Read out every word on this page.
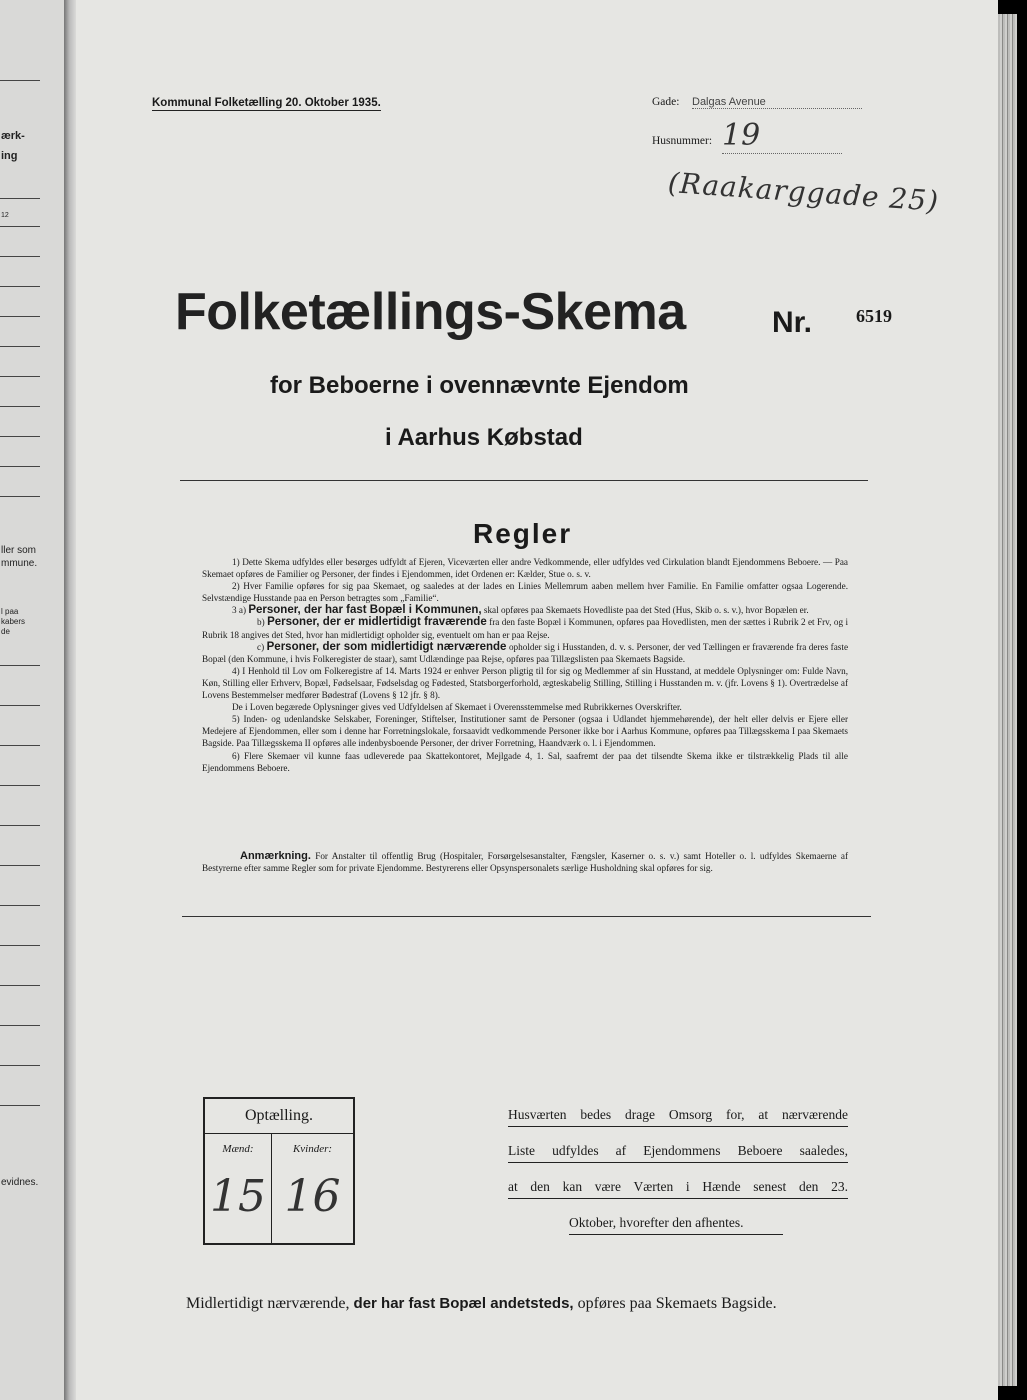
ærk-
ing
12
ller som
mmune.
l paa
kabers
de
evidnes.
Kommunal Folketælling 20. Oktober 1935.	Gade: Dalgas Avenue
Husnummer: 19
(Raakarggade 25)
Folketællings-Skema	Nr. 6519
for Beboerne i ovennævnte Ejendom
i Aarhus Købstad
Regler

1) Dette Skema udfyldes eller besørges udfyldt af Ejeren, Viceværten eller andre Vedkommende, eller udfyldes ved Cirkulation blandt Ejendommens Beboere. — Paa Skemaet opføres de Familier og Personer, der findes i Ejendommen, idet Ordenen er: Kælder, Stue o. s. v.

2) Hver Familie opføres for sig paa Skemaet, og saaledes at der lades en Linies Mellemrum aaben mellem hver Familie. En Familie omfatter ogsaa Logerende. Selvstændige Husstande paa en Person betragtes som „Familie“.

3 a) Personer, der har fast Bopæl i Kommunen, skal opføres paa Skemaets Hovedliste paa det Sted (Hus, Skib o. s. v.), hvor Bopælen er.

b) Personer, der er midlertidigt fraværende fra den faste Bopæl i Kommunen, opføres paa Hovedlisten, men der sættes i Rubrik 2 et Frv, og i Rubrik 18 angives det Sted, hvor han midlertidigt opholder sig, eventuelt om han er paa Rejse.

c) Personer, der som midlertidigt nærværende opholder sig i Husstanden, d. v. s. Personer, der ved Tællingen er fraværende fra deres faste Bopæl (den Kommune, i hvis Folkeregister de staar), samt Udlændinge paa Rejse, opføres paa Tillægslisten paa Skemaets Bagside.

4) I Henhold til Lov om Folkeregistre af 14. Marts 1924 er enhver Person pligtig til for sig og Medlemmer af sin Husstand, at meddele Oplysninger om: Fulde Navn, Køn, Stilling eller Erhverv, Bopæl, Fødselsaar, Fødselsdag og Fødested, Statsborgerforhold, ægteskabelig Stilling, Stilling i Husstanden m. v. (jfr. Lovens § 1). Overtrædelse af Lovens Bestemmelser medfører Bødestraf (Lovens § 12 jfr. § 8).

De i Loven begærede Oplysninger gives ved Udfyldelsen af Skemaet i Overensstemmelse med Rubrikkernes Overskrifter.

5) Inden- og udenlandske Selskaber, Foreninger, Stiftelser, Institutioner samt de Personer (ogsaa i Udlandet hjemmehørende), der helt eller delvis er Ejere eller Medejere af Ejendommen, eller som i denne har Forretningslokale, forsaavidt vedkommende Personer ikke bor i Aarhus Kommune, opføres paa Tillægsskema I paa Skemaets Bagside. Paa Tillægsskema II opføres alle indenbysboende Personer, der driver Forretning, Haandværk o. l. i Ejendommen.

6) Flere Skemaer vil kunne faas udleverede paa Skattekontoret, Mejlgade 4, 1. Sal, saafremt der paa det tilsendte Skema ikke er tilstrækkelig Plads til alle Ejendommens Beboere.

Anmærkning. For Anstalter til offentlig Brug (Hospitaler, Forsørgelsesanstalter, Fængsler, Kaserner o. s. v.) samt Hoteller o. l. udfyldes Skemaerne af Bestyrerne efter samme Regler som for private Ejendomme. Bestyrerens eller Opsynspersonalets særlige Husholdning skal opføres for sig.
Optælling.
Mænd:
15
Kvinder:
16
Husværten bedes drage Omsorg for, at nærværende
Liste udfyldes af Ejendommens Beboere saaledes,
at den kan være Værten i Hænde senest den 23.
Oktober, hvorefter den afhentes.
Midlertidigt nærværende, der har fast Bopæl andetsteds, opføres paa Skemaets Bagside.
